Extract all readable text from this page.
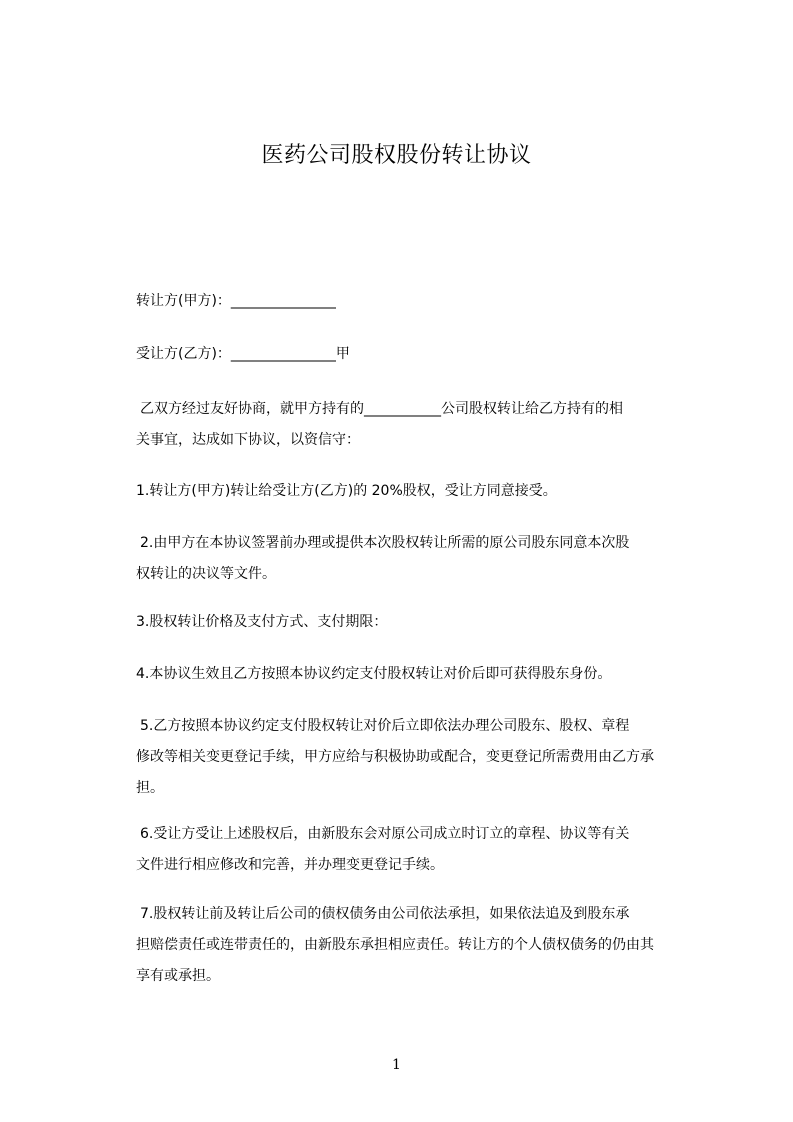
医药公司股权股份转让协议
转让方(甲方)：_______________
受让方(乙方)：_______________甲
乙双方经过友好协商，就甲方持有的___________公司股权转让给乙方持有的相
关事宜，达成如下协议，以资信守：
1.转让方(甲方)转让给受让方(乙方)的 20%股权，受让方同意接受。
2.由甲方在本协议签署前办理或提供本次股权转让所需的原公司股东同意本次股
权转让的决议等文件。
3.股权转让价格及支付方式、支付期限：
4.本协议生效且乙方按照本协议约定支付股权转让对价后即可获得股东身份。
5.乙方按照本协议约定支付股权转让对价后立即依法办理公司股东、股权、章程
修改等相关变更登记手续，甲方应给与积极协助或配合，变更登记所需费用由乙方承
担。
6.受让方受让上述股权后，由新股东会对原公司成立时订立的章程、协议等有关
文件进行相应修改和完善，并办理变更登记手续。
7.股权转让前及转让后公司的债权债务由公司依法承担，如果依法追及到股东承
担赔偿责任或连带责任的，由新股东承担相应责任。转让方的个人债权债务的仍由其
享有或承担。
1
